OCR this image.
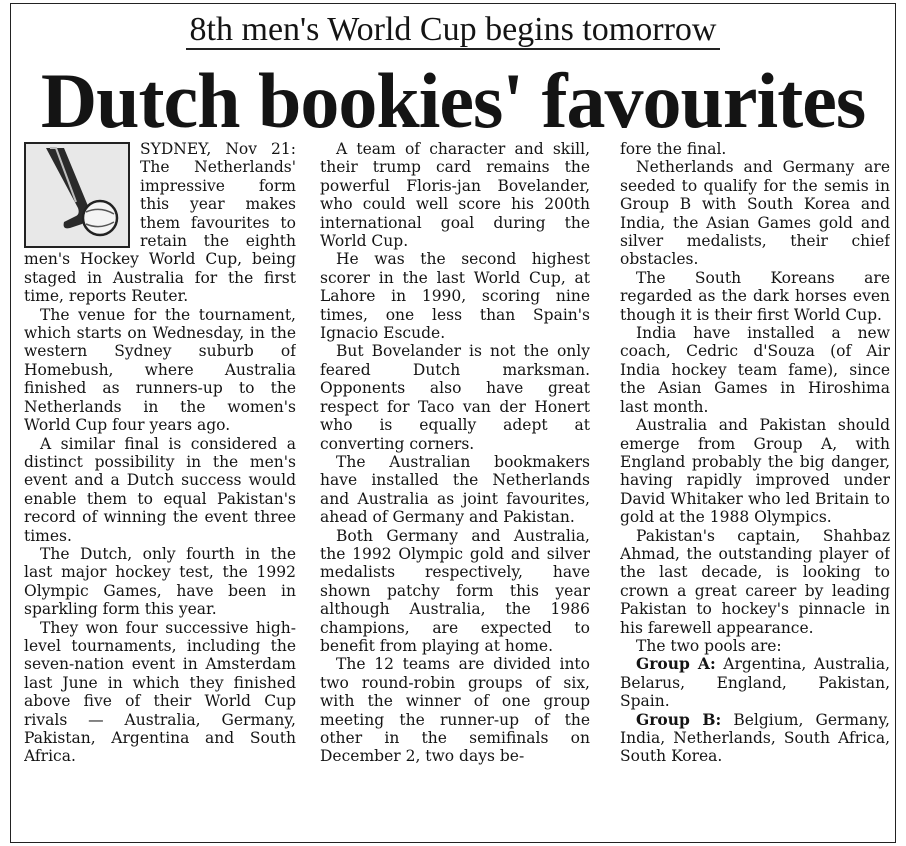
8th men's World Cup begins tomorrow
Dutch bookies' favourites

SYDNEY, Nov 21: The Netherlands' impressive form this year makes them favourites to retain the eighth men's Hockey World Cup, being staged in Australia for the first time, reports Reuter.

The venue for the tournament, which starts on Wednesday, in the western Sydney suburb of Homebush, where Australia finished as runners-up to the Netherlands in the women's World Cup four years ago.

A similar final is considered a distinct possibility in the men's event and a Dutch success would enable them to equal Pakistan's record of winning the event three times.

The Dutch, only fourth in the last major hockey test, the 1992 Olympic Games, have been in sparkling form this year.

They won four successive high-level tournaments, including the seven-nation event in Amsterdam last June in which they finished above five of their World Cup rivals — Australia, Germany, Pakistan, Argentina and South Africa.

A team of character and skill, their trump card remains the powerful Floris-jan Bovelander, who could well score his 200th international goal during the World Cup.

He was the second highest scorer in the last World Cup, at Lahore in 1990, scoring nine times, one less than Spain's Ignacio Escude.

But Bovelander is not the only feared Dutch marksman. Opponents also have great respect for Taco van der Honert who is equally adept at converting corners.

The Australian bookmakers have installed the Netherlands and Australia as joint favourites, ahead of Germany and Pakistan.

Both Germany and Australia, the 1992 Olympic gold and silver medalists respectively, have shown patchy form this year although Australia, the 1986 champions, are expected to benefit from playing at home.

The 12 teams are divided into two round-robin groups of six, with the winner of one group meeting the runner-up of the other in the semifinals on December 2, two days be-

fore the final.

Netherlands and Germany are seeded to qualify for the semis in Group B with South Korea and India, the Asian Games gold and silver medalists, their chief obstacles.

The South Koreans are regarded as the dark horses even though it is their first World Cup.

India have installed a new coach, Cedric d'Souza (of Air India hockey team fame), since the Asian Games in Hiroshima last month.

Australia and Pakistan should emerge from Group A, with England probably the big danger, having rapidly improved under David Whitaker who led Britain to gold at the 1988 Olympics.

Pakistan's captain, Shahbaz Ahmad, the outstanding player of the last decade, is looking to crown a great career by leading Pakistan to hockey's pinnacle in his farewell appearance.

The two pools are:

Group A: Argentina, Australia, Belarus, England, Pakistan, Spain.

Group B: Belgium, Germany, India, Netherlands, South Africa, South Korea.
